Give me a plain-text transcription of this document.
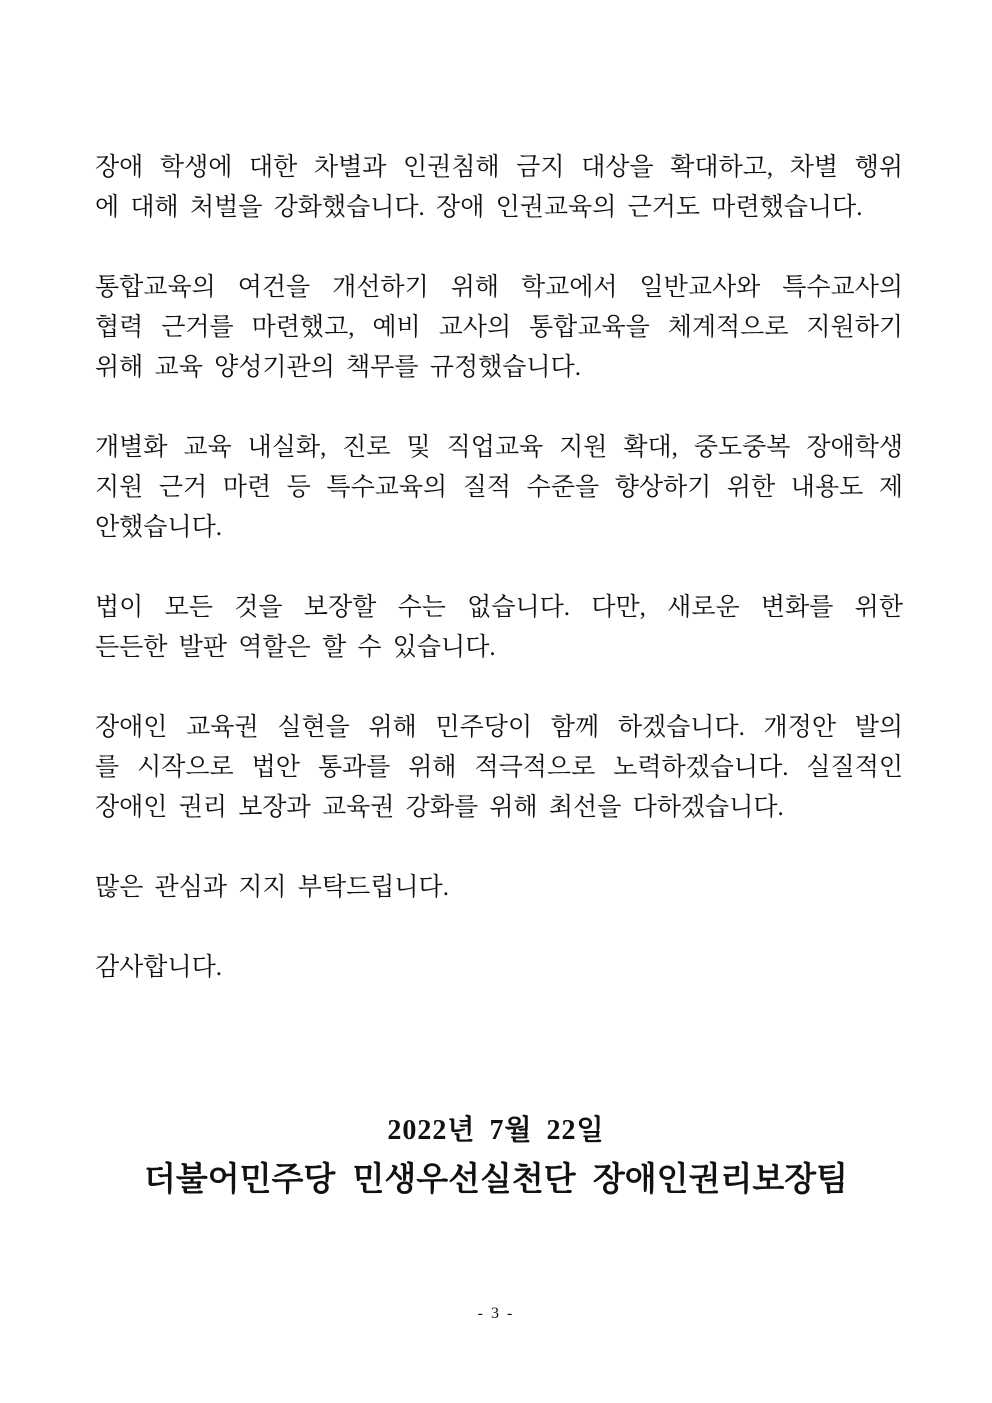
장애 학생에 대한 차별과 인권침해 금지 대상을 확대하고, 차별 행위
에 대해 처벌을 강화했습니다. 장애 인권교육의 근거도 마련했습니다.
통합교육의 여건을 개선하기 위해 학교에서 일반교사와 특수교사의
협력 근거를 마련했고, 예비 교사의 통합교육을 체계적으로 지원하기
위해 교육 양성기관의 책무를 규정했습니다.
개별화 교육 내실화, 진로 및 직업교육 지원 확대, 중도중복 장애학생
지원 근거 마련 등 특수교육의 질적 수준을 향상하기 위한 내용도 제
안했습니다.
법이 모든 것을 보장할 수는 없습니다. 다만, 새로운 변화를 위한
든든한 발판 역할은 할 수 있습니다.
장애인 교육권 실현을 위해 민주당이 함께 하겠습니다. 개정안 발의
를 시작으로 법안 통과를 위해 적극적으로 노력하겠습니다. 실질적인
장애인 권리 보장과 교육권 강화를 위해 최선을 다하겠습니다.
많은 관심과 지지 부탁드립니다.
감사합니다.
2022년 7월 22일
더불어민주당 민생우선실천단 장애인권리보장팀
- 3 -
